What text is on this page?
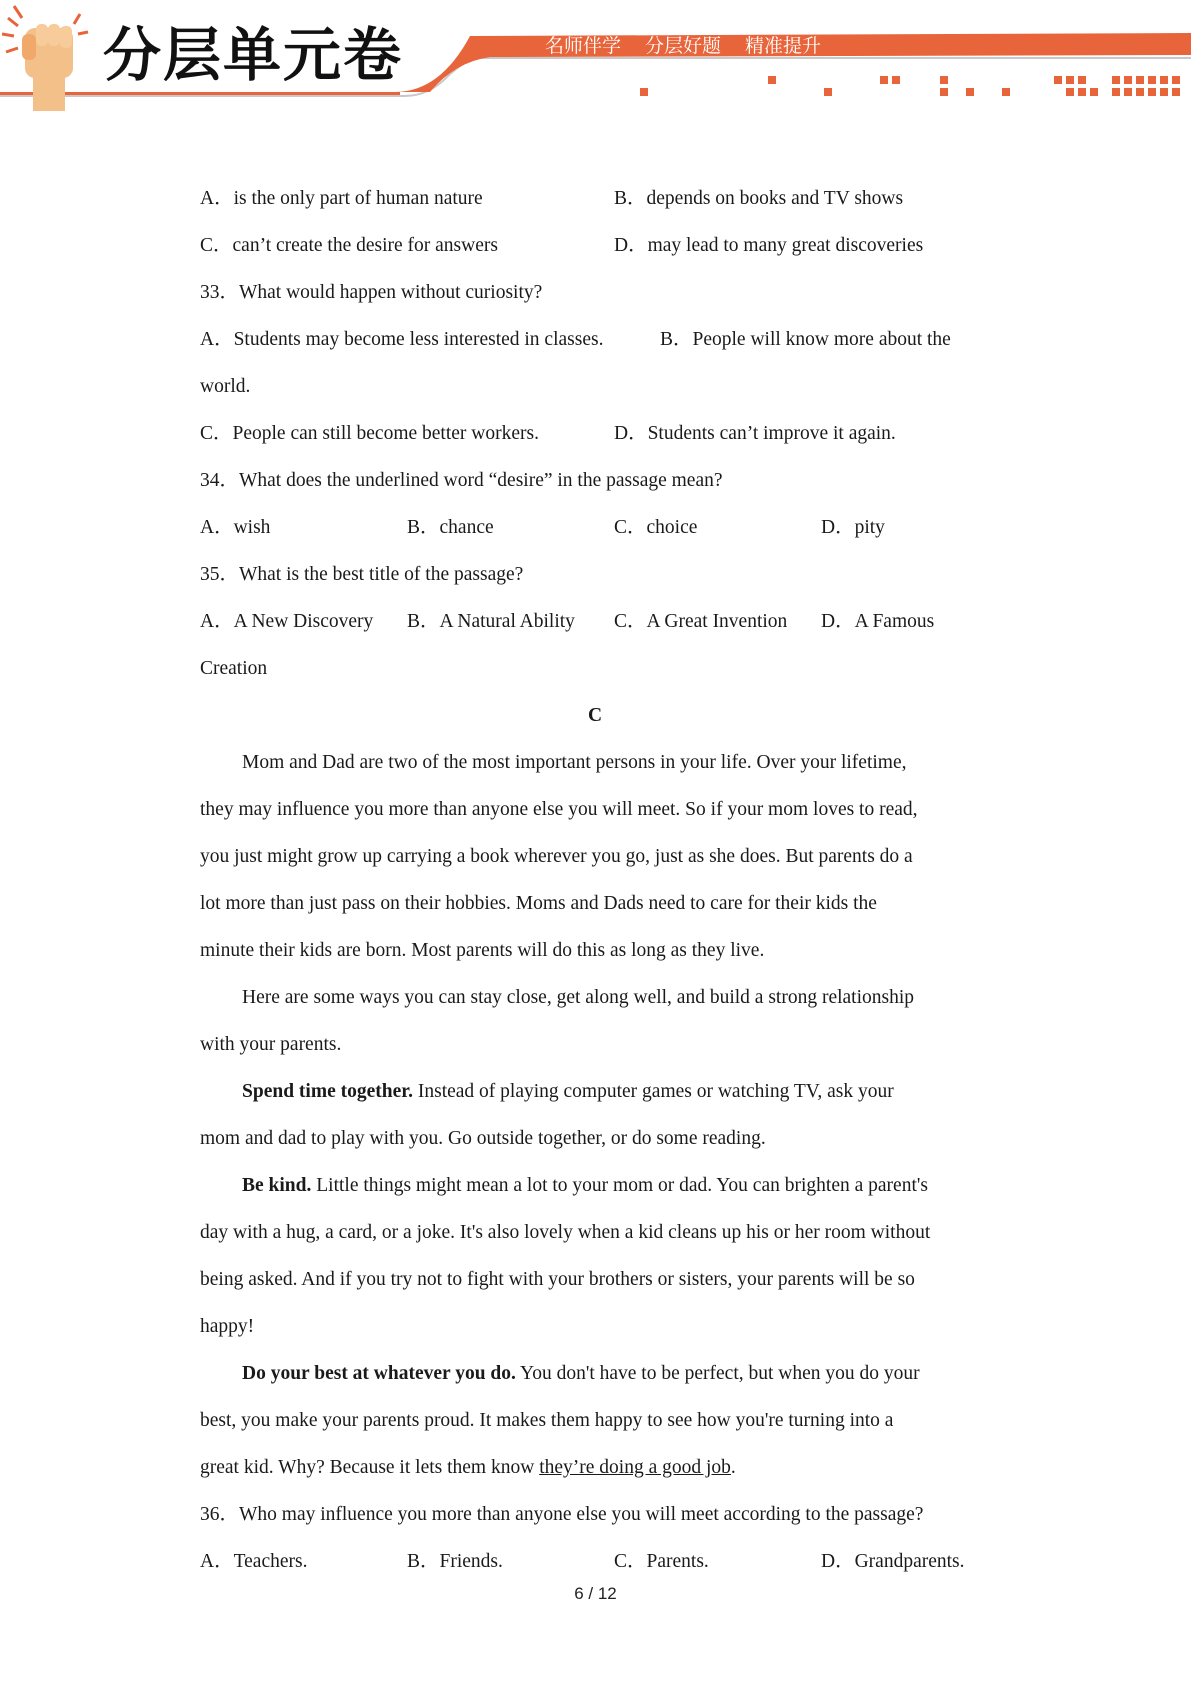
分层单元卷	名师伴学 分层好题 精准提升
A．is the only part of human nature	B．depends on books and TV shows
C．can’t create the desire for answers	D．may lead to many great discoveries
33．What would happen without curiosity?
A．Students may become less interested in classes.	B．People will know more about the
world.
C．People can still become better workers.	D．Students can’t improve it again.
34．What does the underlined word “desire” in the passage mean?
A．wish	B．chance	C．choice	D．pity
35．What is the best title of the passage?
A．A New Discovery B．A Natural Ability C．A Great Invention D．A Famous
Creation
C
Mom and Dad are two of the most important persons in your life. Over your lifetime,
they may influence you more than anyone else you will meet. So if your mom loves to read,
you just might grow up carrying a book wherever you go, just as she does. But parents do a
lot more than just pass on their hobbies. Moms and Dads need to care for their kids the
minute their kids are born. Most parents will do this as long as they live.
Here are some ways you can stay close, get along well, and build a strong relationship
with your parents.
Spend time together. Instead of playing computer games or watching TV, ask your
mom and dad to play with you. Go outside together, or do some reading.
Be kind. Little things might mean a lot to your mom or dad. You can brighten a parent's
day with a hug, a card, or a joke. It's also lovely when a kid cleans up his or her room without
being asked. And if you try not to fight with your brothers or sisters, your parents will be so
happy!
Do your best at whatever you do. You don't have to be perfect, but when you do your
best, you make your parents proud. It makes them happy to see how you're turning into a
great kid. Why? Because it lets them know they’re doing a good job.
36．Who may influence you more than anyone else you will meet according to the passage?
A．Teachers.	B．Friends.	C．Parents.	D．Grandparents.
6 / 12
